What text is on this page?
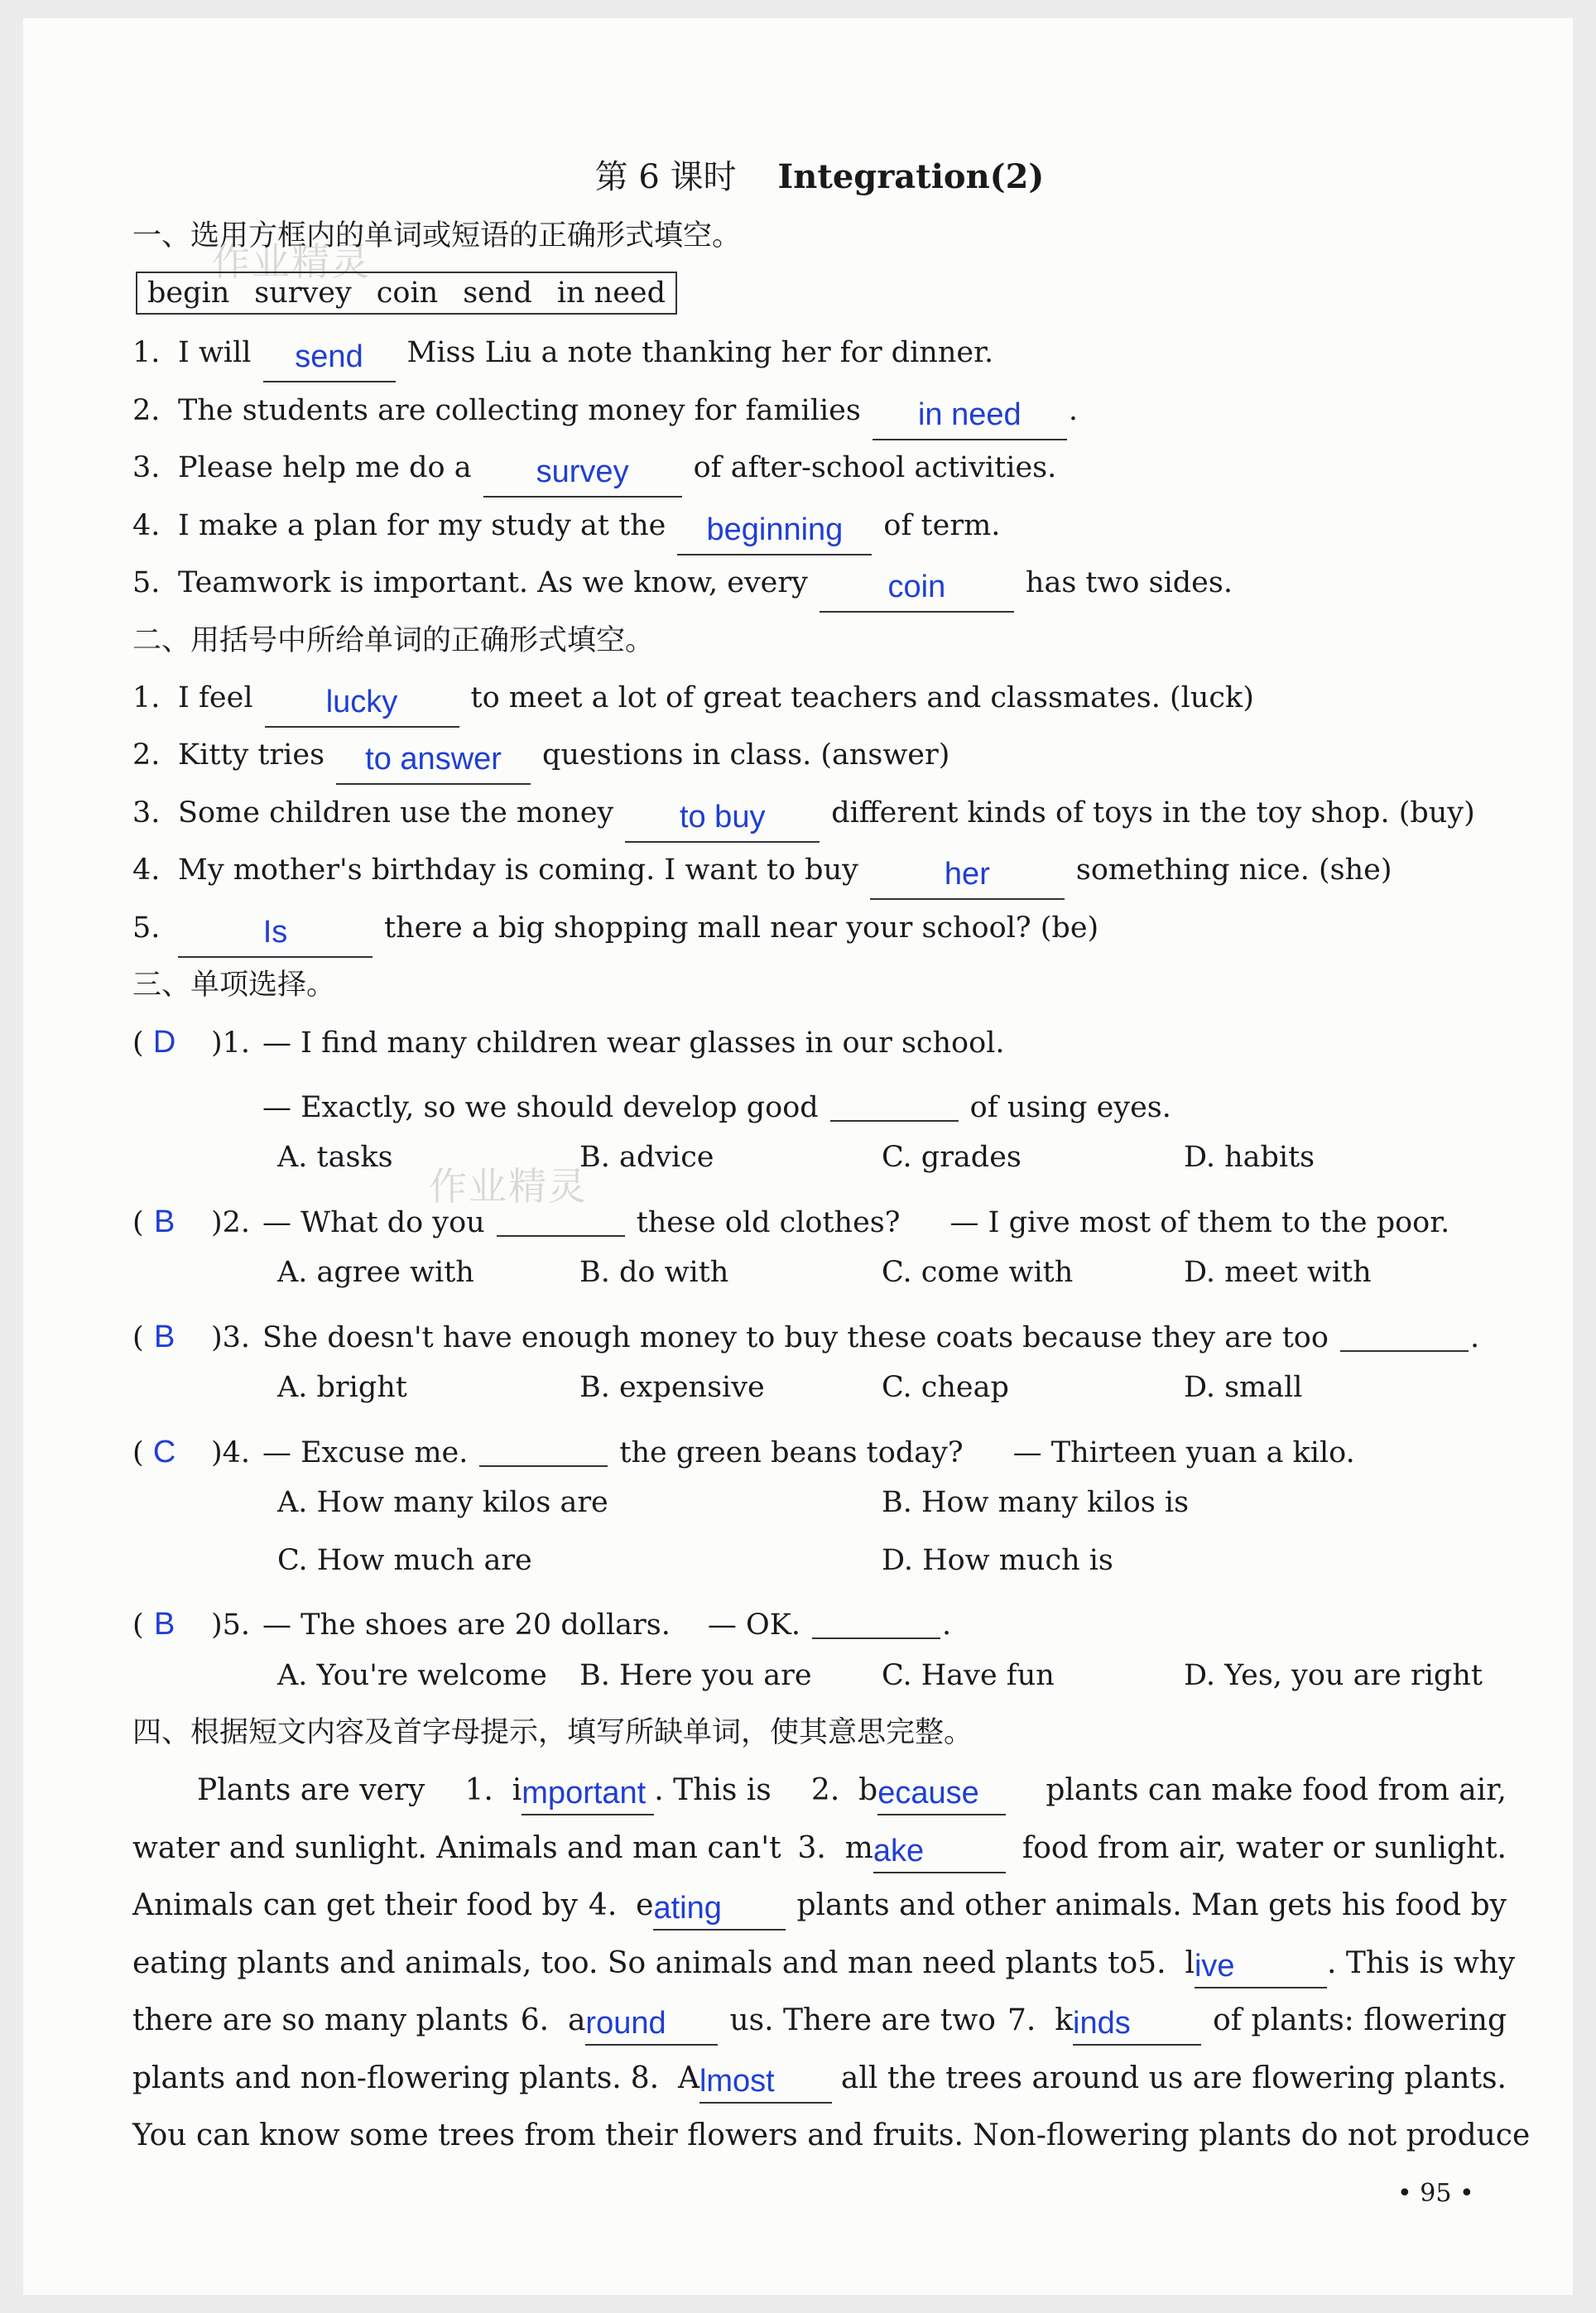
作业精灵
作业精灵
第 6 课时 Integration(2)
一、选用方框内的单词或短语的正确形式填空。
begin survey coin send in need
1. I will send Miss Liu a note thanking her for dinner.
2. The students are collecting money for families in need .
3. Please help me do a survey of after-school activities.
4. I make a plan for my study at the beginning of term.
5. Teamwork is important. As we know, every	coin	has two sides.
二、用括号中所给单词的正确形式填空。
1. I feel lucky	to meet a lot of great teachers and classmates. (luck)
2. Kitty tries to answer questions in class. (answer)
3. Some children use the money to buy different kinds of toys in the toy shop. (buy)
4. My mother's birthday is coming. I want to buy	her	something nice. (she)
5.	Is	there a big shopping mall near your school? (be)
三、单项选择。
( D )1. — I find many children wear glasses in our school.
— Exactly, so we should develop good	of using eyes.
A. tasks	B. advice	C. grades	D. habits
( B )2. — What do you	these old clothes? — I give most of them to the poor.
A. agree with	B. do with	C. come with	D. meet with
( B )3. She doesn't have enough money to buy these coats because they are too	.
A. bright	B. expensive	C. cheap	D. small
( C )4. — Excuse me.	the green beans today? — Thirteen yuan a kilo.
A. How many kilos are	B. How many kilos is
C. How much are	D. How much is
( B )5. — The shoes are 20 dollars. — OK.	.
A. You're welcome B. Here you are C. Have fun	D. Yes, you are right
四、根据短文内容及首字母提示，填写所缺单词，使其意思完整。
Plants are very 1. important . This is 2. because	plants can make food from air,
water and sunlight. Animals and man can't 3. make	food from air, water or sunlight.
Animals can get their food by 4. eating	plants and other animals. Man gets his food by
eating plants and animals, too. So animals and man need plants to 5. live	. This is why
there are so many plants 6. around	us. There are two 7. kinds	of plants: flowering
plants and non-flowering plants. 8. Almost	all the trees around us are flowering plants.
You can know some trees from their flowers and fruits. Non-flowering plants do not produce
• 95 •
